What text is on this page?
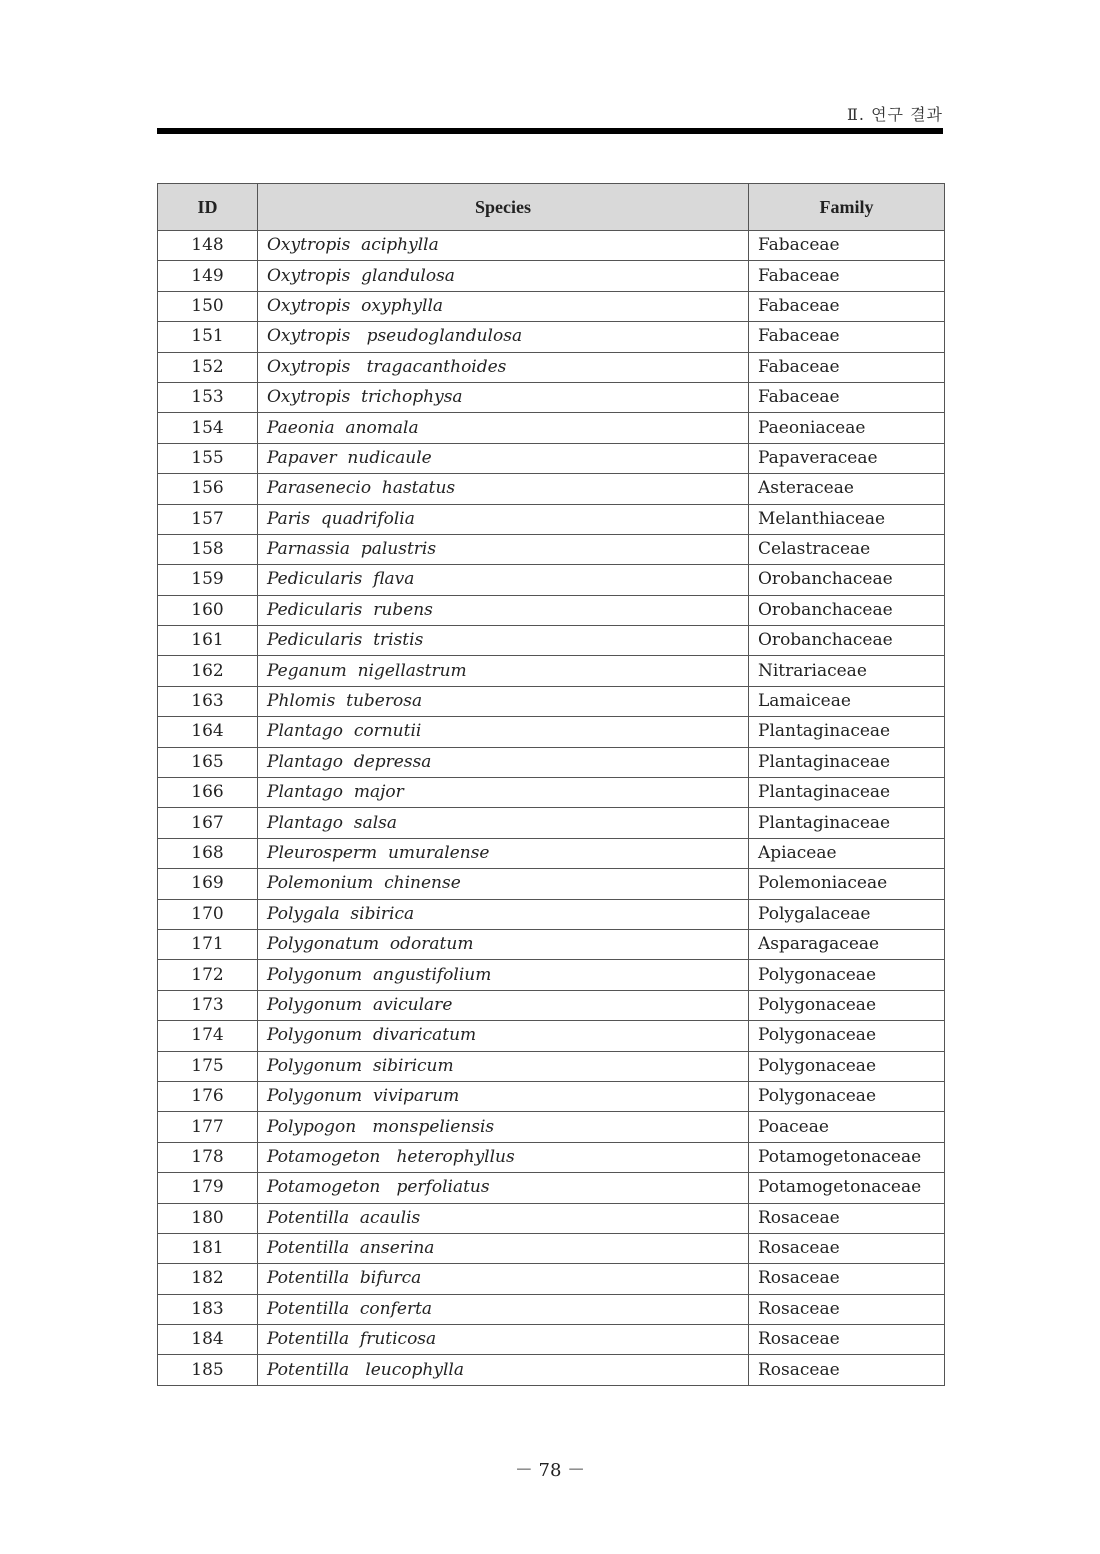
Ⅱ. 연구 결과
ID	Species	Family
148	Oxytropis  aciphylla	Fabaceae
149	Oxytropis  glandulosa	Fabaceae
150	Oxytropis  oxyphylla	Fabaceae
151	Oxytropis   pseudoglandulosa	Fabaceae
152	Oxytropis   tragacanthoides	Fabaceae
153	Oxytropis  trichophysa	Fabaceae
154	Paeonia  anomala	Paeoniaceae
155	Papaver  nudicaule	Papaveraceae
156	Parasenecio  hastatus	Asteraceae
157	Paris  quadrifolia	Melanthiaceae
158	Parnassia  palustris	Celastraceae
159	Pedicularis  flava	Orobanchaceae
160	Pedicularis  rubens	Orobanchaceae
161	Pedicularis  tristis	Orobanchaceae
162	Peganum  nigellastrum	Nitrariaceae
163	Phlomis  tuberosa	Lamaiceae
164	Plantago  cornutii	Plantaginaceae
165	Plantago  depressa	Plantaginaceae
166	Plantago  major	Plantaginaceae
167	Plantago  salsa	Plantaginaceae
168	Pleurosperm  umuralense	Apiaceae
169	Polemonium  chinense	Polemoniaceae
170	Polygala  sibirica	Polygalaceae
171	Polygonatum  odoratum	Asparagaceae
172	Polygonum  angustifolium	Polygonaceae
173	Polygonum  aviculare	Polygonaceae
174	Polygonum  divaricatum	Polygonaceae
175	Polygonum  sibiricum	Polygonaceae
176	Polygonum  viviparum	Polygonaceae
177	Polypogon   monspeliensis	Poaceae
178	Potamogeton   heterophyllus	Potamogetonaceae
179	Potamogeton   perfoliatus	Potamogetonaceae
180	Potentilla  acaulis	Rosaceae
181	Potentilla  anserina	Rosaceae
182	Potentilla  bifurca	Rosaceae
183	Potentilla  conferta	Rosaceae
184	Potentilla  fruticosa	Rosaceae
185	Potentilla   leucophylla	Rosaceae
－ 78 －
